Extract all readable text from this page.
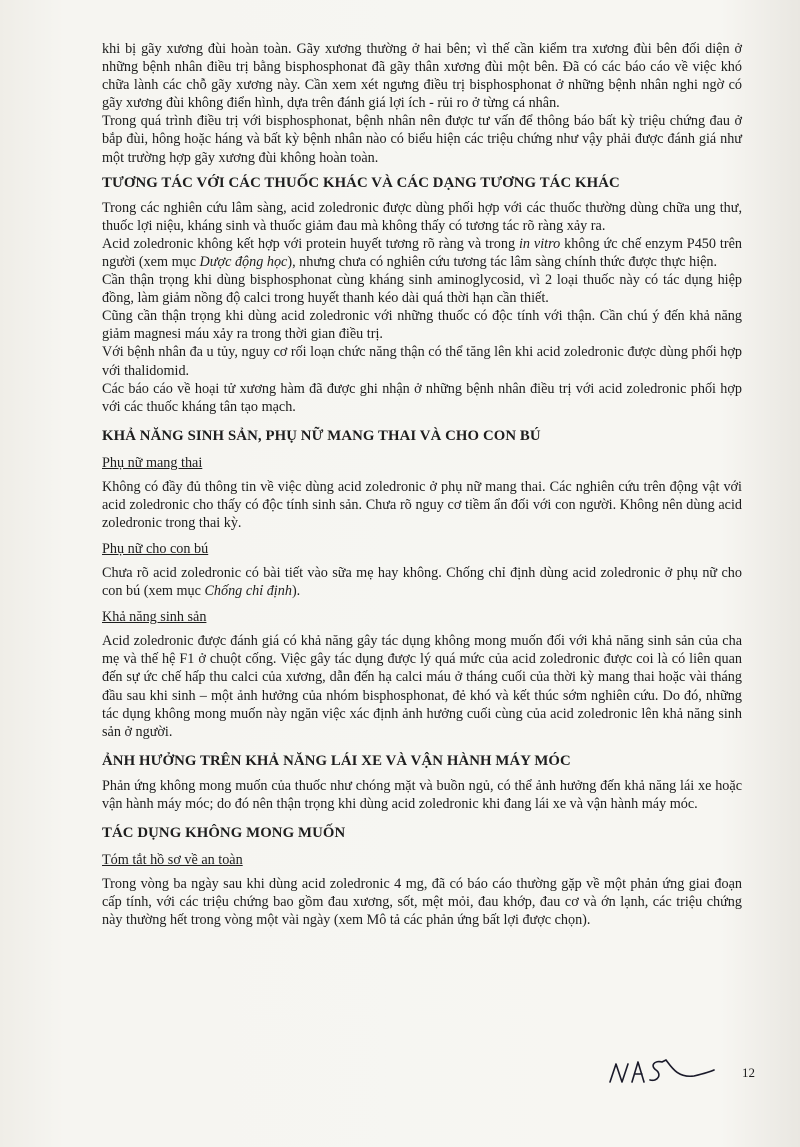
khi bị gãy xương đùi hoàn toàn. Gãy xương thường ở hai bên; vì thế cần kiểm tra xương đùi bên đối diện ở những bệnh nhân điều trị bằng bisphosphonat đã gãy thân xương đùi một bên. Đã có các báo cáo về việc khó chữa lành các chỗ gãy xương này. Cần xem xét ngưng điều trị bisphosphonat ở những bệnh nhân nghi ngờ có gãy xương đùi không điển hình, dựa trên đánh giá lợi ích - rủi ro ở từng cá nhân.

Trong quá trình điều trị với bisphosphonat, bệnh nhân nên được tư vấn để thông báo bất kỳ triệu chứng đau ở bắp đùi, hông hoặc háng và bất kỳ bệnh nhân nào có biểu hiện các triệu chứng như vậy phải được đánh giá như một trường hợp gãy xương đùi không hoàn toàn.

TƯƠNG TÁC VỚI CÁC THUỐC KHÁC VÀ CÁC DẠNG TƯƠNG TÁC KHÁC

Trong các nghiên cứu lâm sàng, acid zoledronic được dùng phối hợp với các thuốc thường dùng chữa ung thư, thuốc lợi niệu, kháng sinh và thuốc giảm đau mà không thấy có tương tác rõ ràng xảy ra.

Acid zoledronic không kết hợp với protein huyết tương rõ ràng và trong in vitro không ức chế enzym P450 trên người (xem mục Dược động học), nhưng chưa có nghiên cứu tương tác lâm sàng chính thức được thực hiện.

Cần thận trọng khi dùng bisphosphonat cùng kháng sinh aminoglycosid, vì 2 loại thuốc này có tác dụng hiệp đồng, làm giảm nồng độ calci trong huyết thanh kéo dài quá thời hạn cần thiết.

Cũng cần thận trọng khi dùng acid zoledronic với những thuốc có độc tính với thận. Cần chú ý đến khả năng giảm magnesi máu xảy ra trong thời gian điều trị.

Với bệnh nhân đa u tủy, nguy cơ rối loạn chức năng thận có thể tăng lên khi acid zoledronic được dùng phối hợp với thalidomid.

Các báo cáo về hoại tử xương hàm đã được ghi nhận ở những bệnh nhân điều trị với acid zoledronic phối hợp với các thuốc kháng tân tạo mạch.

KHẢ NĂNG SINH SẢN, PHỤ NỮ MANG THAI VÀ CHO CON BÚ
Phụ nữ mang thai

Không có đầy đủ thông tin về việc dùng acid zoledronic ở phụ nữ mang thai. Các nghiên cứu trên động vật với acid zoledronic cho thấy có độc tính sinh sản. Chưa rõ nguy cơ tiềm ẩn đối với con người. Không nên dùng acid zoledronic trong thai kỳ.

Phụ nữ cho con bú

Chưa rõ acid zoledronic có bài tiết vào sữa mẹ hay không. Chống chỉ định dùng acid zoledronic ở phụ nữ cho con bú (xem mục Chống chỉ định).

Khả năng sinh sản

Acid zoledronic được đánh giá có khả năng gây tác dụng không mong muốn đối với khả năng sinh sản của cha mẹ và thế hệ F1 ở chuột cống. Việc gây tác dụng được lý quá mức của acid zoledronic được coi là có liên quan đến sự ức chế hấp thu calci của xương, dẫn đến hạ calci máu ở tháng cuối của thời kỳ mang thai hoặc vài tháng đầu sau khi sinh – một ảnh hưởng của nhóm bisphosphonat, đẻ khó và kết thúc sớm nghiên cứu. Do đó, những tác dụng không mong muốn này ngăn việc xác định ảnh hưởng cuối cùng của acid zoledronic lên khả năng sinh sản ở người.

ẢNH HƯỞNG TRÊN KHẢ NĂNG LÁI XE VÀ VẬN HÀNH MÁY MÓC

Phản ứng không mong muốn của thuốc như chóng mặt và buồn ngủ, có thể ảnh hưởng đến khả năng lái xe hoặc vận hành máy móc; do đó nên thận trọng khi dùng acid zoledronic khi đang lái xe và vận hành máy móc.

TÁC DỤNG KHÔNG MONG MUỐN
Tóm tắt hồ sơ về an toàn

Trong vòng ba ngày sau khi dùng acid zoledronic 4 mg, đã có báo cáo thường gặp về một phản ứng giai đoạn cấp tính, với các triệu chứng bao gồm đau xương, sốt, mệt mỏi, đau khớp, đau cơ và ớn lạnh, các triệu chứng này thường hết trong vòng một vài ngày (xem Mô tả các phản ứng bất lợi được chọn).

12
